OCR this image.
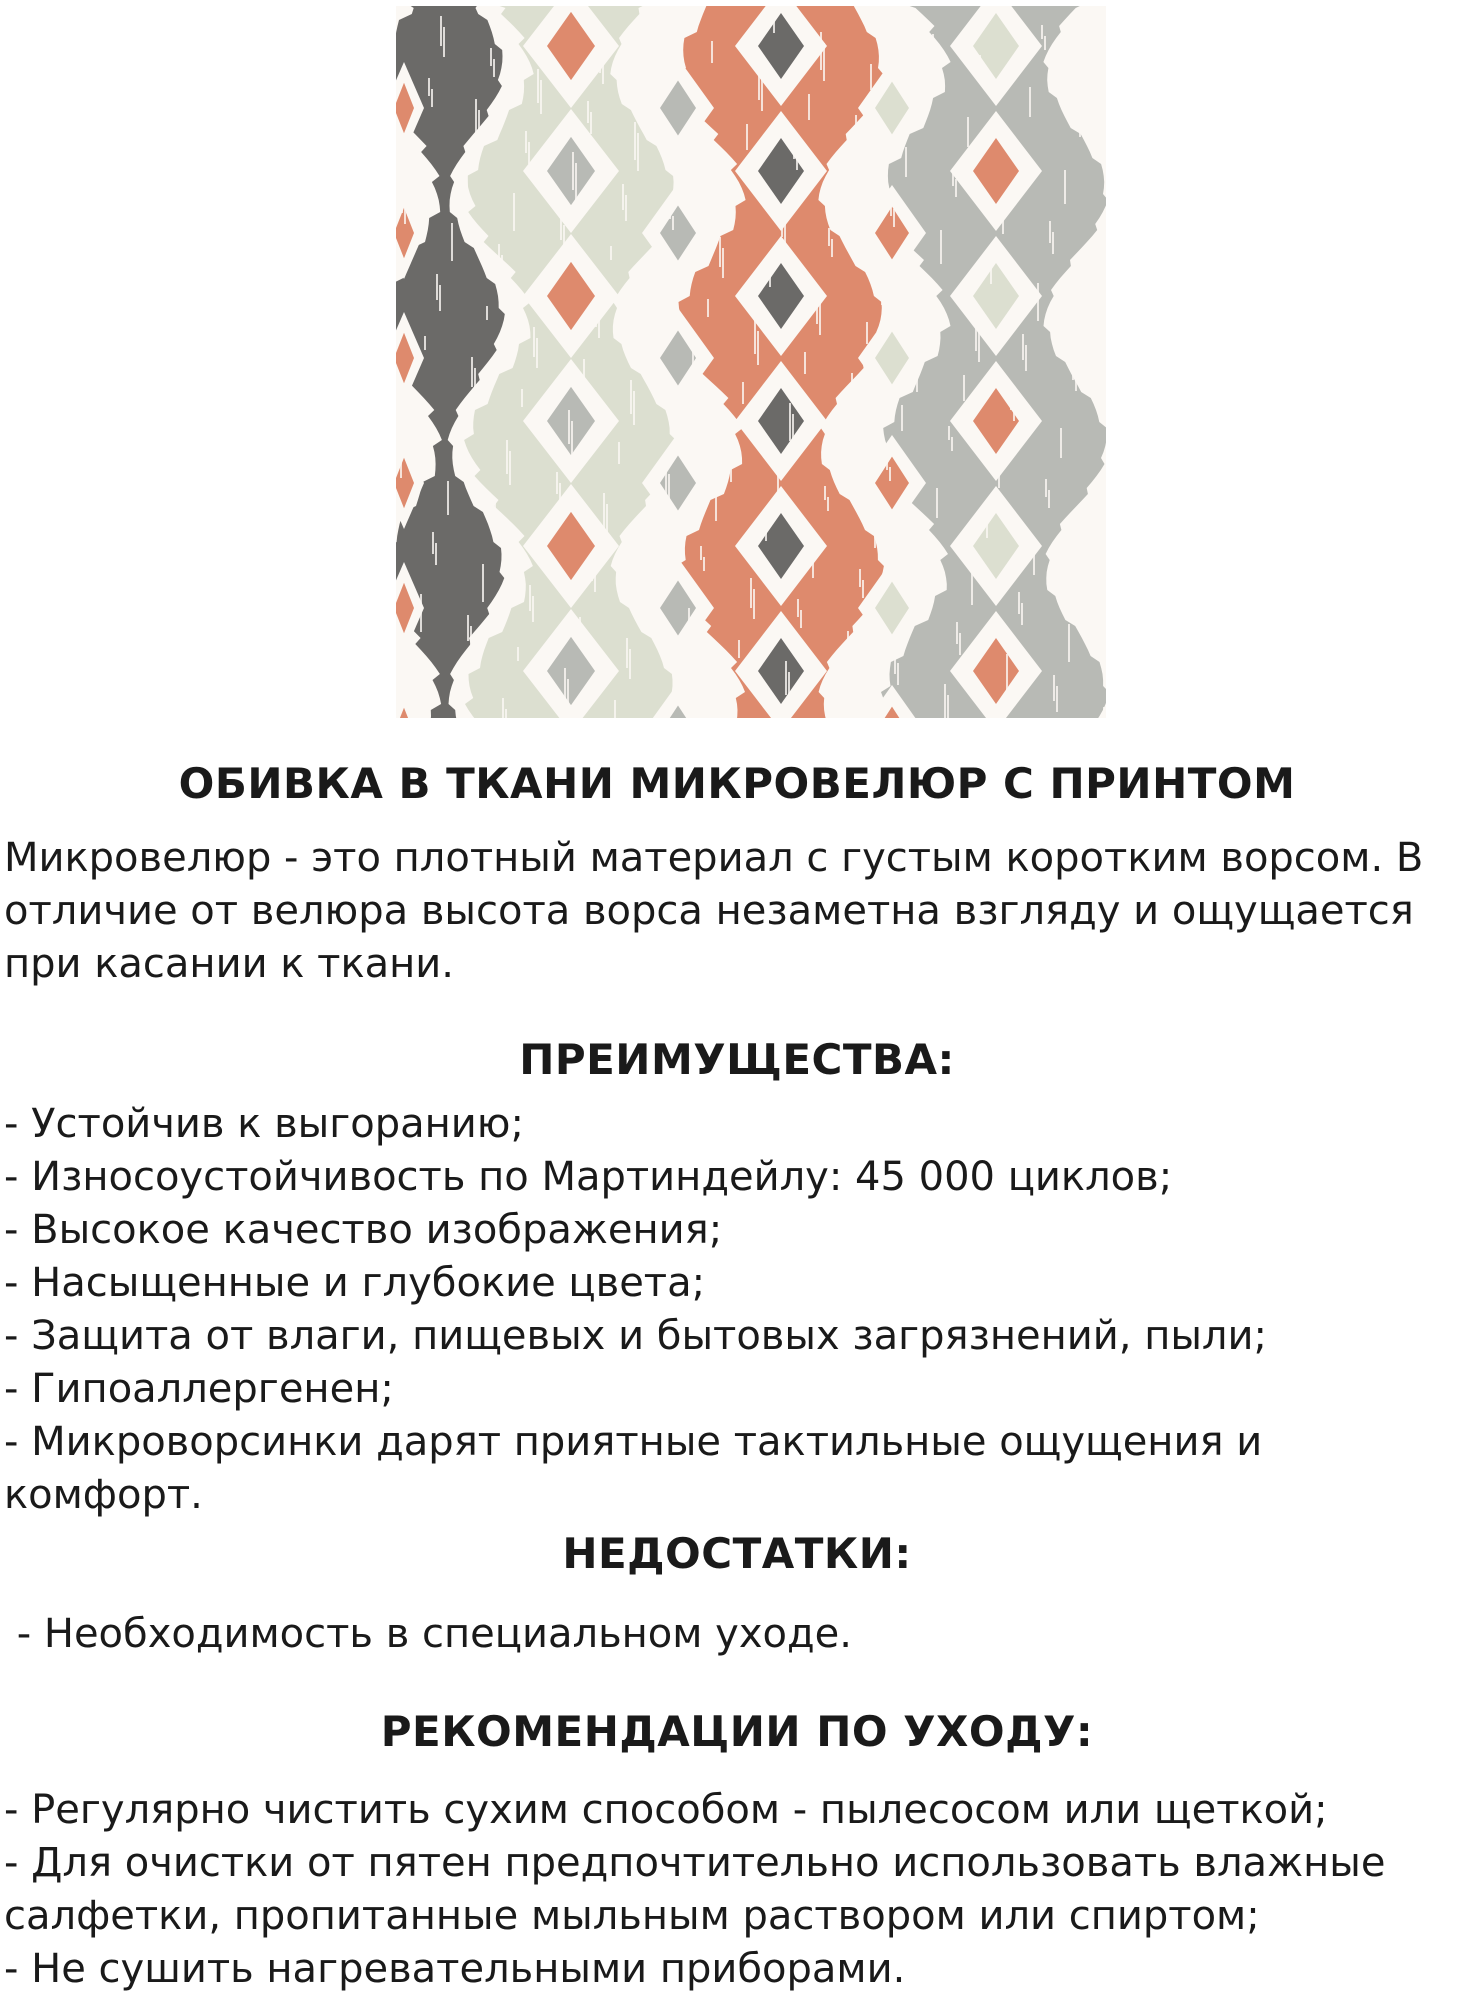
ОБИВКА В ТКАНИ МИКРОВЕЛЮР С ПРИНТОМ

Микровелюр - это плотный материал с густым коротким ворсом. В отличие от велюра высота ворса незаметна взгляду и ощущается при касании к ткани.

ПРЕИМУЩЕСТВА:
- Устойчив к выгоранию;
- Износоустойчивость по Мартиндейлу: 45 000 циклов;
- Высокое качество изображения;
- Насыщенные и глубокие цвета;
- Защита от влаги, пищевых и бытовых загрязнений, пыли;
- Гипоаллергенен;
- Микроворсинки дарят приятные тактильные ощущения и комфорт.
НЕДОСТАТКИ:
- Необходимость в специальном уходе.
РЕКОМЕНДАЦИИ ПО УХОДУ:
- Регулярно чистить сухим способом - пылесосом или щеткой;
- Для очистки от пятен предпочтительно использовать влажные салфетки, пропитанные мыльным раствором или спиртом;
- Не сушить нагревательными приборами.
